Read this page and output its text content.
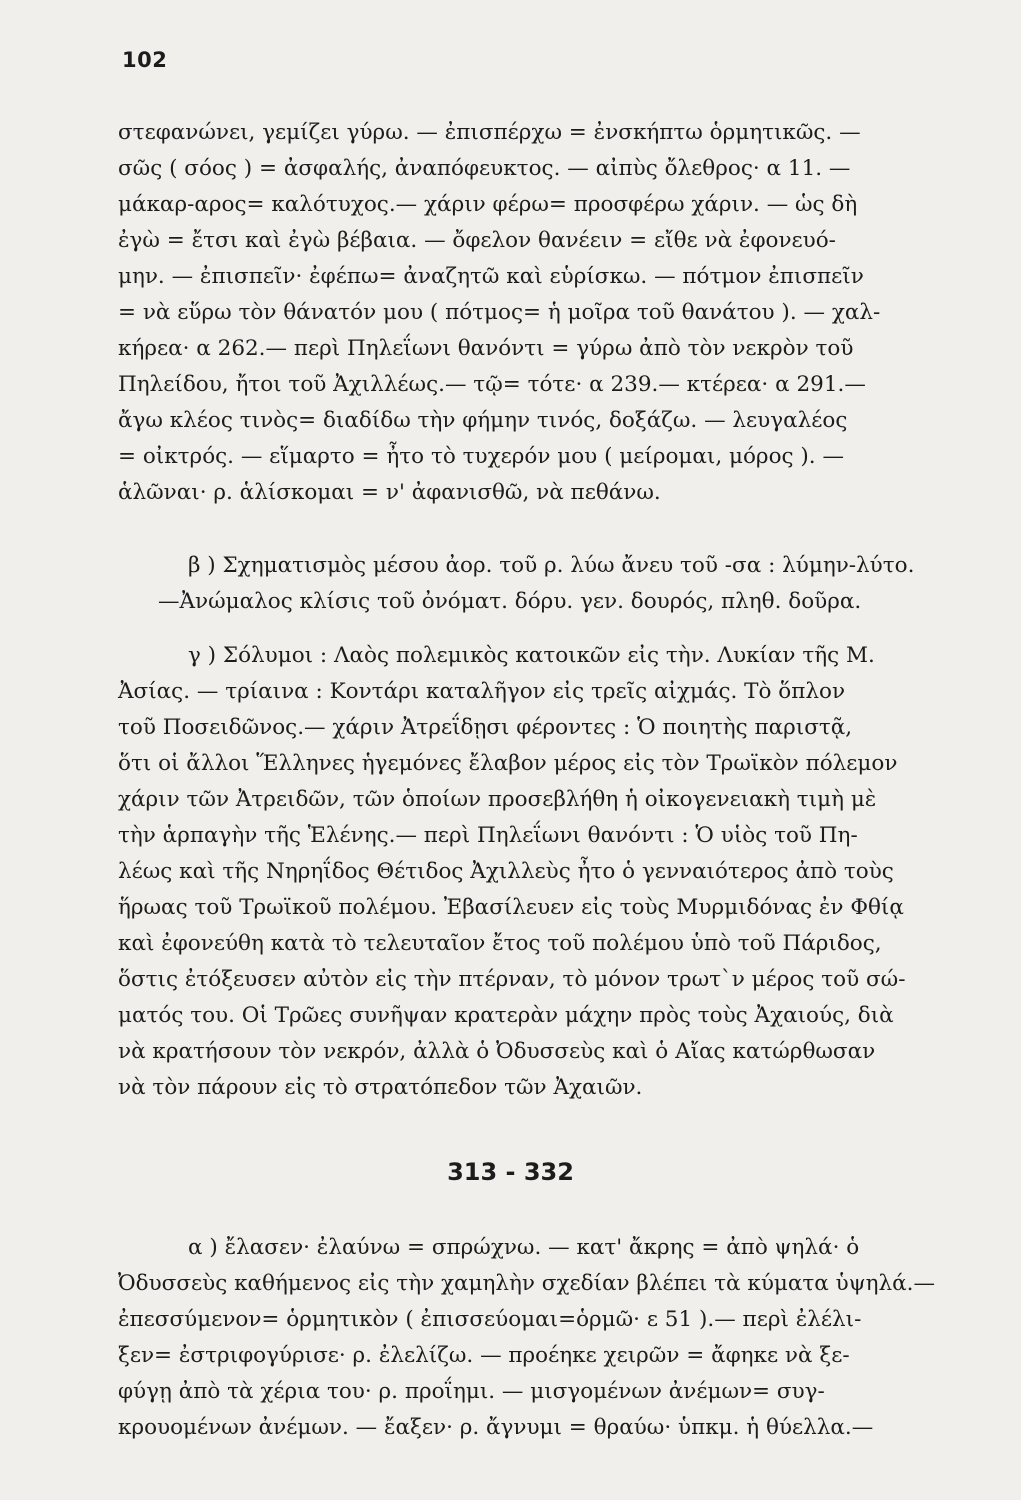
102
στεφανώνει, γεμίζει γύρω. — ἐπισπέρχω = ἐνσκήπτω ὁρμητικῶς. —
σῶς ( σόος ) = ἀσφαλής, ἀναπόφευκτος. — αἰπὺς ὄλεθρος· α 11. —
μάκαρ-αρος= καλότυχος.— χάριν φέρω= προσφέρω χάριν. — ὡς δὴ
ἐγὼ = ἔτσι καὶ ἐγὼ βέβαια. — ὄφελον θανέειν = εἴθε νὰ ἐφονευό-
μην. — ἐπισπεῖν· ἐφέπω= ἀναζητῶ καὶ εὑρίσκω. — πότμον ἐπισπεῖν
= νὰ εὕρω τὸν θάνατόν μου ( πότμος= ἡ μοῖρα τοῦ θανάτου ). — χαλ-
κήρεα· α 262.— περὶ Πηλεΐωνι θανόντι = γύρω ἀπὸ τὸν νεκρὸν τοῦ
Πηλείδου, ἤτοι τοῦ Ἀχιλλέως.— τῷ= τότε· α 239.— κτέρεα· α 291.—
ἄγω κλέος τινὸς= διαδίδω τὴν φήμην τινός, δοξάζω. — λευγαλέος
= οἰκτρός. — εἵμαρτο = ἦτο τὸ τυχερόν μου ( μείρομαι, μόρος ). —
ἁλῶναι· ρ. ἁλίσκομαι = ν' ἀφανισθῶ, νὰ πεθάνω.
β ) Σχηματισμὸς μέσου ἀορ. τοῦ ρ. λύω ἄνευ τοῦ -σα : λύμην-λύτο.
—Ἀνώμαλος κλίσις τοῦ ὀνόματ. δόρυ. γεν. δουρός, πληθ. δοῦρα.
γ ) Σόλυμοι : Λαὸς πολεμικὸς κατοικῶν εἰς τὴν. Λυκίαν τῆς Μ.
Ἀσίας. — τρίαινα : Κοντάρι καταλῆγον εἰς τρεῖς αἰχμάς. Τὸ ὅπλον
τοῦ Ποσειδῶνος.— χάριν Ἀτρεΐδῃσι φέροντες : Ὁ ποιητὴς παριστᾷ,
ὅτι οἱ ἄλλοι Ἕλληνες ἡγεμόνες ἔλαβον μέρος εἰς τὸν Τρωϊκὸν πόλεμον
χάριν τῶν Ἀτρειδῶν, τῶν ὁποίων προσεβλήθη ἡ οἰκογενειακὴ τιμὴ μὲ
τὴν ἁρπαγὴν τῆς Ἑλένης.— περὶ Πηλεΐωνι θανόντι : Ὁ υἱὸς τοῦ Πη-
λέως καὶ τῆς Νηρηΐδος Θέτιδος Ἀχιλλεὺς ἦτο ὁ γενναιότερος ἀπὸ τοὺς
ἥρωας τοῦ Τρωϊκοῦ πολέμου. Ἐβασίλευεν εἰς τοὺς Μυρμιδόνας ἐν Φθίᾳ
καὶ ἐφονεύθη κατὰ τὸ τελευταῖον ἔτος τοῦ πολέμου ὑπὸ τοῦ Πάριδος,
ὅστις ἐτόξευσεν αὐτὸν εἰς τὴν πτέρναν, τὸ μόνον τρωτ`ν μέρος τοῦ σώ-
ματός του. Οἱ Τρῶες συνῆψαν κρατερὰν μάχην πρὸς τοὺς Ἀχαιούς, διὰ
νὰ κρατήσουν τὸν νεκρόν, ἀλλὰ ὁ Ὀδυσσεὺς καὶ ὁ Αἴας κατώρθωσαν
νὰ τὸν πάρουν εἰς τὸ στρατόπεδον τῶν Ἀχαιῶν.
313 - 332
α ) ἔλασεν· ἐλαύνω = σπρώχνω. — κατ' ἄκρης = ἀπὸ ψηλά· ὁ
Ὀδυσσεὺς καθήμενος εἰς τὴν χαμηλὴν σχεδίαν βλέπει τὰ κύματα ὑψηλά.—
ἐπεσσύμενον= ὁρμητικὸν ( ἐπισσεύομαι=ὁρμῶ· ε 51 ).— περὶ ἐλέλι-
ξεν= ἐστριφογύρισε· ρ. ἐλελίζω. — προέηκε χειρῶν = ἄφηκε νὰ ξε-
φύγῃ ἀπὸ τὰ χέρια του· ρ. προΐημι. — μισγομένων ἀνέμων= συγ-
κρουομένων ἀνέμων. — ἔαξεν· ρ. ἄγνυμι = θραύω· ὑπκμ. ἡ θύελλα.—
